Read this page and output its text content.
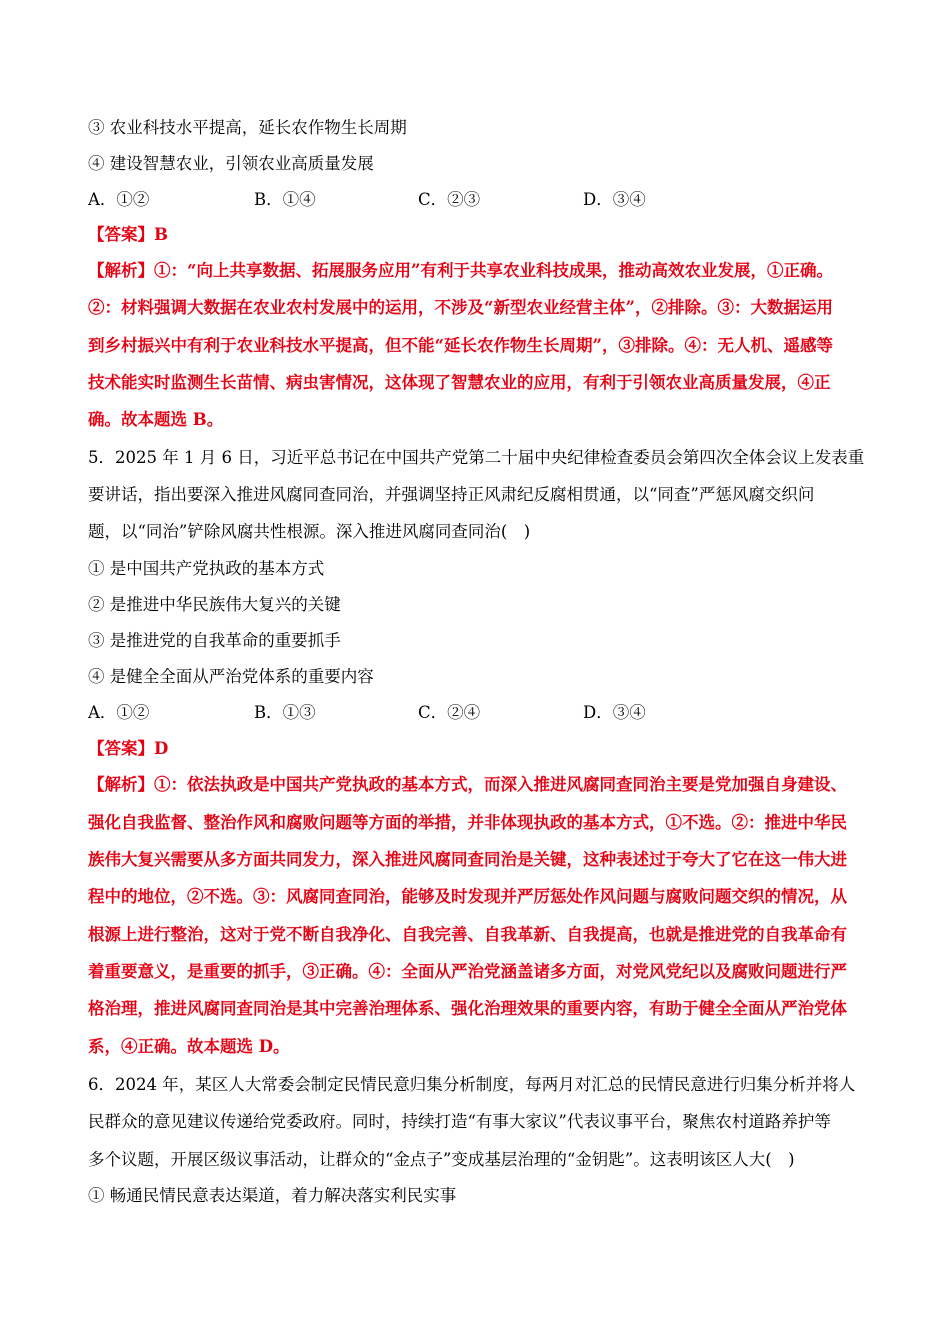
③ 农业科技水平提高，延长农作物生长周期
④ 建设智慧农业，引领农业高质量发展
A．①②	B．①④	C．②③	D．③④
【答案】B
【解析】①：“向上共享数据、拓展服务应用”有利于共享农业科技成果，推动高效农业发展，①正确。
②：材料强调大数据在农业农村发展中的运用，不涉及“新型农业经营主体”，②排除。③：大数据运用
到乡村振兴中有利于农业科技水平提高，但不能“延长农作物生长周期”，③排除。④：无人机、遥感等
技术能实时监测生长苗情、病虫害情况，这体现了智慧农业的应用，有利于引领农业高质量发展，④正
确。故本题选 B。
5．2025 年 1 月 6 日，习近平总书记在中国共产党第二十届中央纪律检查委员会第四次全体会议上发表重
要讲话，指出要深入推进风腐同查同治，并强调坚持正风肃纪反腐相贯通，以“同查”严惩风腐交织问
题，以“同治”铲除风腐共性根源。深入推进风腐同查同治(　)
① 是中国共产党执政的基本方式
② 是推进中华民族伟大复兴的关键
③ 是推进党的自我革命的重要抓手
④ 是健全全面从严治党体系的重要内容
A．①②	B．①③	C．②④	D．③④
【答案】D
【解析】①：依法执政是中国共产党执政的基本方式，而深入推进风腐同查同治主要是党加强自身建设、
强化自我监督、整治作风和腐败问题等方面的举措，并非体现执政的基本方式，①不选。②：推进中华民
族伟大复兴需要从多方面共同发力，深入推进风腐同查同治是关键，这种表述过于夸大了它在这一伟大进
程中的地位，②不选。③：风腐同查同治，能够及时发现并严厉惩处作风问题与腐败问题交织的情况，从
根源上进行整治，这对于党不断自我净化、自我完善、自我革新、自我提高，也就是推进党的自我革命有
着重要意义，是重要的抓手，③正确。④：全面从严治党涵盖诸多方面，对党风党纪以及腐败问题进行严
格治理，推进风腐同查同治是其中完善治理体系、强化治理效果的重要内容，有助于健全全面从严治党体
系，④正确。故本题选 D。
6．2024 年，某区人大常委会制定民情民意归集分析制度，每两月对汇总的民情民意进行归集分析并将人
民群众的意见建议传递给党委政府。同时，持续打造“有事大家议”代表议事平台，聚焦农村道路养护等
多个议题，开展区级议事活动，让群众的“金点子”变成基层治理的“金钥匙”。这表明该区人大(　)
① 畅通民情民意表达渠道，着力解决落实利民实事
